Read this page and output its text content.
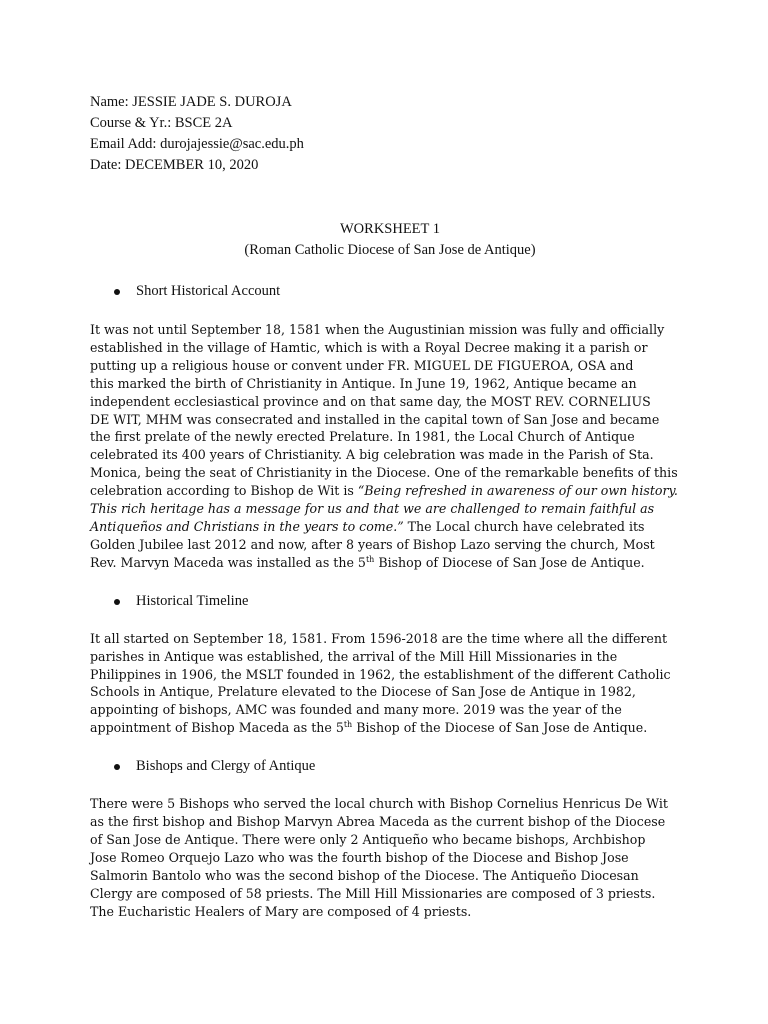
Name: JESSIE JADE S. DUROJA
Course & Yr.: BSCE 2A
Email Add: durojajessie@sac.edu.ph
Date: DECEMBER 10, 2020
WORKSHEET 1
(Roman Catholic Diocese of San Jose de Antique)
Short Historical Account
It was not until September 18, 1581 when the Augustinian mission was fully and officially
established in the village of Hamtic, which is with a Royal Decree making it a parish or
putting up a religious house or convent under FR. MIGUEL DE FIGUEROA, OSA and
this marked the birth of Christianity in Antique. In June 19, 1962, Antique became an
independent ecclesiastical province and on that same day, the MOST REV. CORNELIUS
DE WIT, MHM was consecrated and installed in the capital town of San Jose and became
the first prelate of the newly erected Prelature. In 1981, the Local Church of Antique
celebrated its 400 years of Christianity. A big celebration was made in the Parish of Sta.
Monica, being the seat of Christianity in the Diocese. One of the remarkable benefits of this
celebration according to Bishop de Wit is “Being refreshed in awareness of our own history.
This rich heritage has a message for us and that we are challenged to remain faithful as
Antiqueños and Christians in the years to come.” The Local church have celebrated its
Golden Jubilee last 2012 and now, after 8 years of Bishop Lazo serving the church, Most
Rev. Marvyn Maceda was installed as the 5th Bishop of Diocese of San Jose de Antique.
Historical Timeline
It all started on September 18, 1581. From 1596-2018 are the time where all the different
parishes in Antique was established, the arrival of the Mill Hill Missionaries in the
Philippines in 1906, the MSLT founded in 1962, the establishment of the different Catholic
Schools in Antique, Prelature elevated to the Diocese of San Jose de Antique in 1982,
appointing of bishops, AMC was founded and many more. 2019 was the year of the
appointment of Bishop Maceda as the 5th Bishop of the Diocese of San Jose de Antique.
Bishops and Clergy of Antique
There were 5 Bishops who served the local church with Bishop Cornelius Henricus De Wit
as the first bishop and Bishop Marvyn Abrea Maceda as the current bishop of the Diocese
of San Jose de Antique. There were only 2 Antiqueño who became bishops, Archbishop
Jose Romeo Orquejo Lazo who was the fourth bishop of the Diocese and Bishop Jose
Salmorin Bantolo who was the second bishop of the Diocese. The Antiqueño Diocesan
Clergy are composed of 58 priests. The Mill Hill Missionaries are composed of 3 priests.
The Eucharistic Healers of Mary are composed of 4 priests.
